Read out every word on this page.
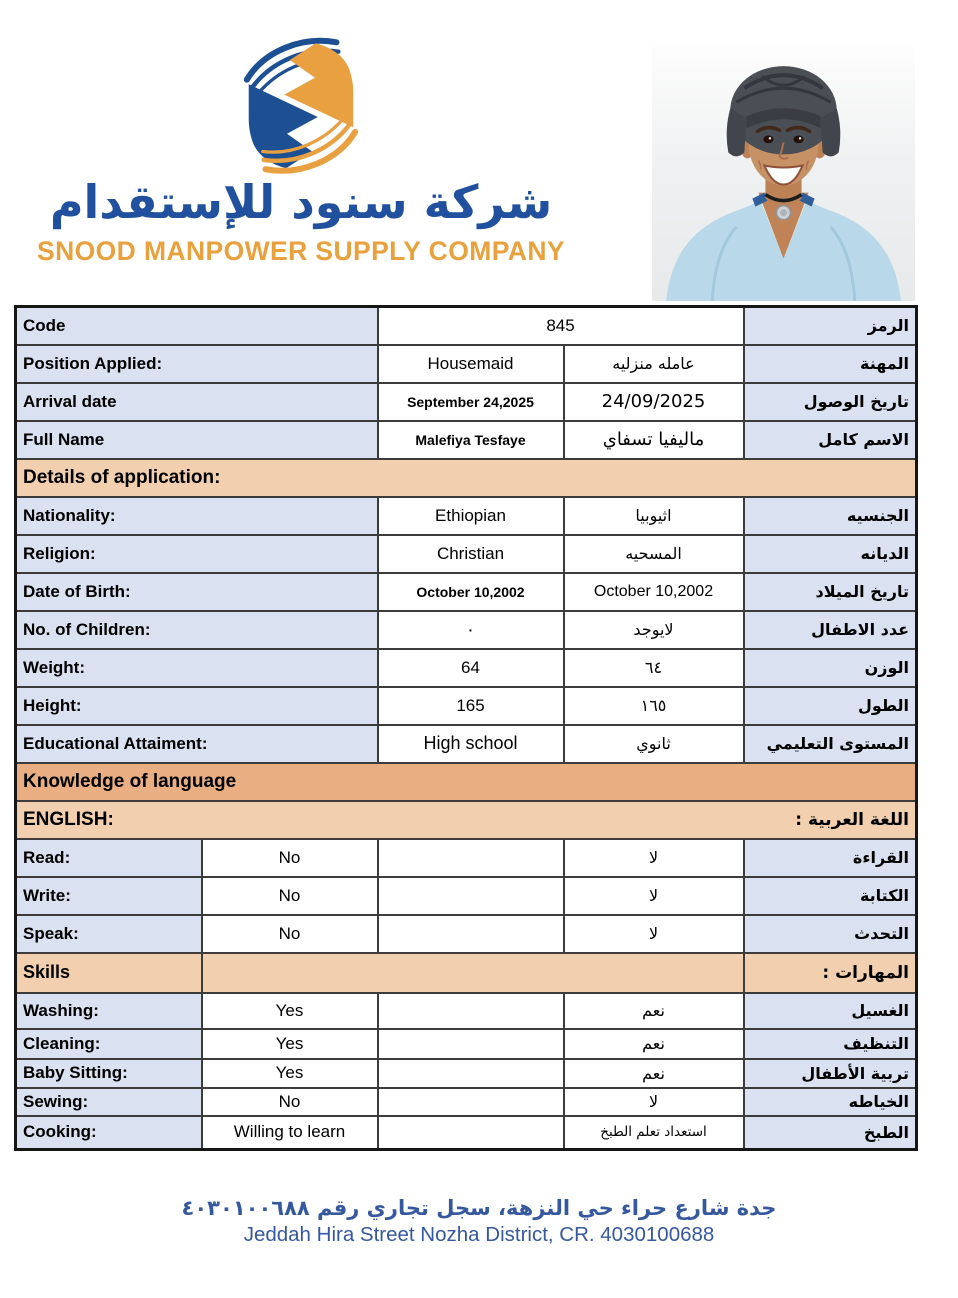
شركة سنود للإستقدام
SNOOD MANPOWER SUPPLY COMPANY
Code		845		الرمز
Position Applied:		Housemaid	عامله منزليه	المهنة
Arrival date		September 24,2025	24/09/2025	تاريخ الوصول
Full Name		Malefiya Tesfaye	ماليفيا تسفاي	الاسم كامل
Details of application:				
Nationality:		Ethiopian	اثيوبيا	الجنسيه
Religion:		Christian	المسحيه	الديانه
Date of Birth:		October 10,2002	October 10,2002	تاريخ الميلاد
No. of Children:		٠	لايوجد	عدد الاطفال
Weight:		64	٦٤	الوزن
Height:		165	١٦٥	الطول
Educational Attaiment:		High school	ثانوي	المستوى التعليمي
Knowledge of language				

ENGLISH: اللغة العربية :				

Read:	No		لا	القراءة
Write:	No		لا	الكتابة
Speak:	No		لا	التحدث
Skills				المهارات :
Washing:	Yes		نعم	الغسيل
Cleaning:	Yes		نعم	التنظيف
Baby Sitting:	Yes		نعم	تربية الأطفال
Sewing:	No		لا	الخياطه
Cooking:	Willing to learn		استعداد تعلم الطبخ	الطبخ
جدة شارع حراء حي النزهة، سجل تجاري رقم ٤٠٣٠١٠٠٦٨٨
Jeddah Hira Street Nozha District, CR. 4030100688
